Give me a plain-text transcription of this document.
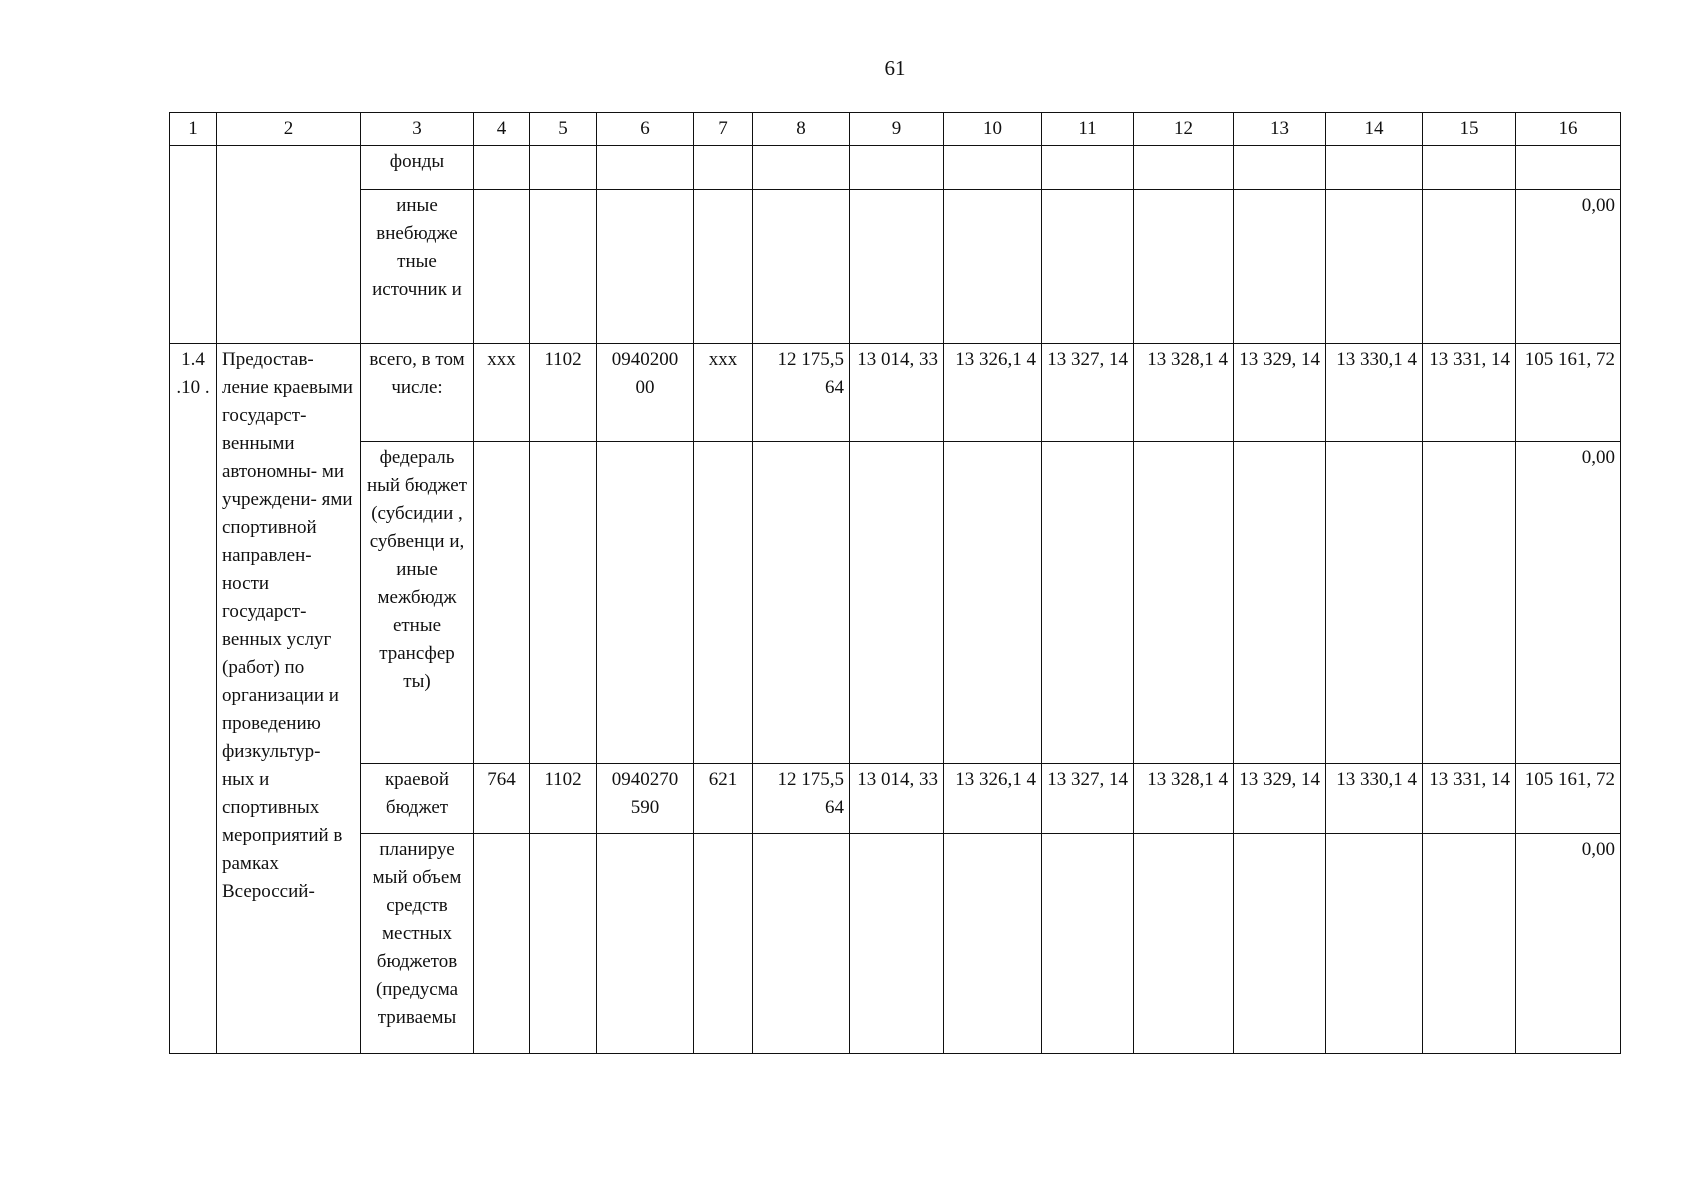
61
1	2	3	4	5	6	7	8	9	10	11	12	13	14	15	16
		фонды													
		иные внебюдже тные источник и													0,00
1.4 .10 .	Предостав- ление краевыми государст- венными автономны- ми учреждени- ями спортивной направлен- ности государст- венных услуг (работ) по организации и проведению физкультур- ных и спортивных мероприятий в рамках Всероссий-	всего, в том числе:	ххх	1102	0940200 00	ххх	12 175,5 64	13 014, 33	13 326,1 4	13 327, 14	13 328,1 4	13 329, 14	13 330,1 4	13 331, 14	105 161, 72
		федераль ный бюджет (субсидии , субвенци и, иные межбюдж етные трансфер ты)													0,00
		краевой бюджет	764	1102	0940270 590	621	12 175,5 64	13 014, 33	13 326,1 4	13 327, 14	13 328,1 4	13 329, 14	13 330,1 4	13 331, 14	105 161, 72
		планируе мый объем средств местных бюджетов (предусма триваемы													0,00
